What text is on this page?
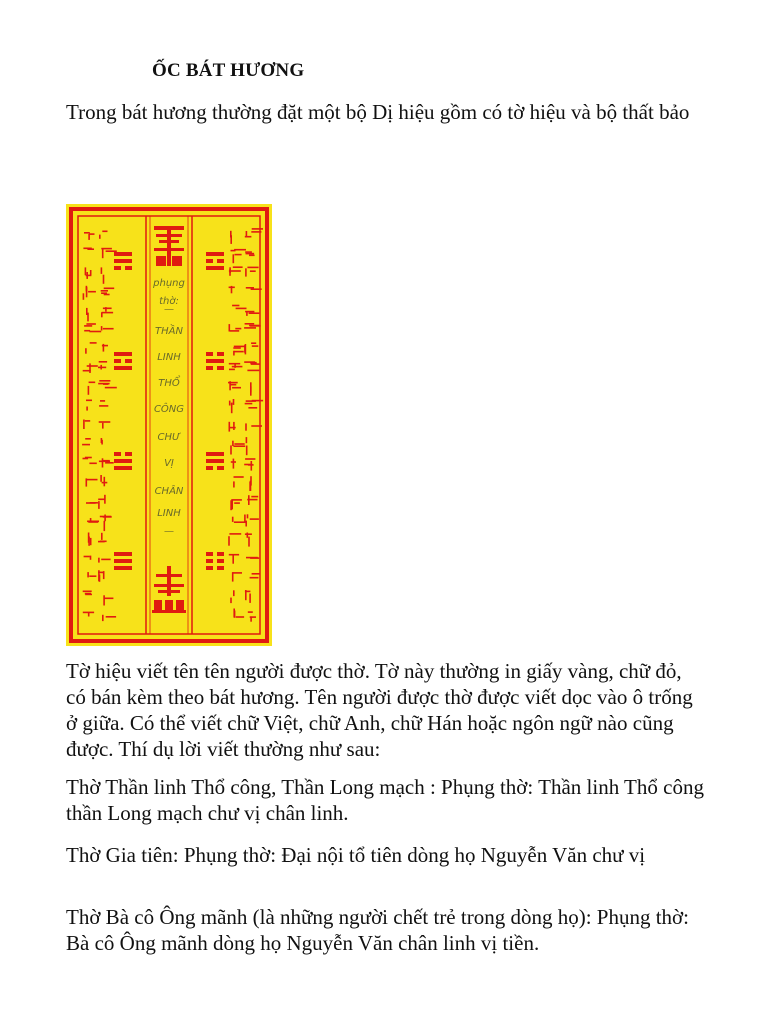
ỐC BÁT HƯƠNG
Trong bát hương thường đặt một bộ Dị hiệu gồm có tờ hiệu và bộ thất bảo
phụng
thờ:
—
THẦN
LINH
THỔ
CÔNG
CHƯ
VỊ
CHÂN
LINH
—
Tờ hiệu viết tên tên người được thờ. Tờ này thường in giấy vàng, chữ đỏ, có bán kèm theo bát hương. Tên người được thờ được viết dọc vào ô trống ở giữa. Có thể viết chữ Việt, chữ Anh, chữ Hán hoặc ngôn ngữ nào cũng được. Thí dụ lời viết thường như sau:
Thờ Thần linh Thổ công, Thần Long mạch : Phụng thờ: Thần linh Thổ công thần Long mạch chư vị chân linh.
Thờ Gia tiên: Phụng thờ: Đại nội tổ tiên dòng họ Nguyễn Văn chư vị
Thờ Bà cô Ông mãnh (là những người chết trẻ trong dòng họ): Phụng thờ: Bà cô Ông mãnh dòng họ Nguyễn Văn chân linh vị tiền.
